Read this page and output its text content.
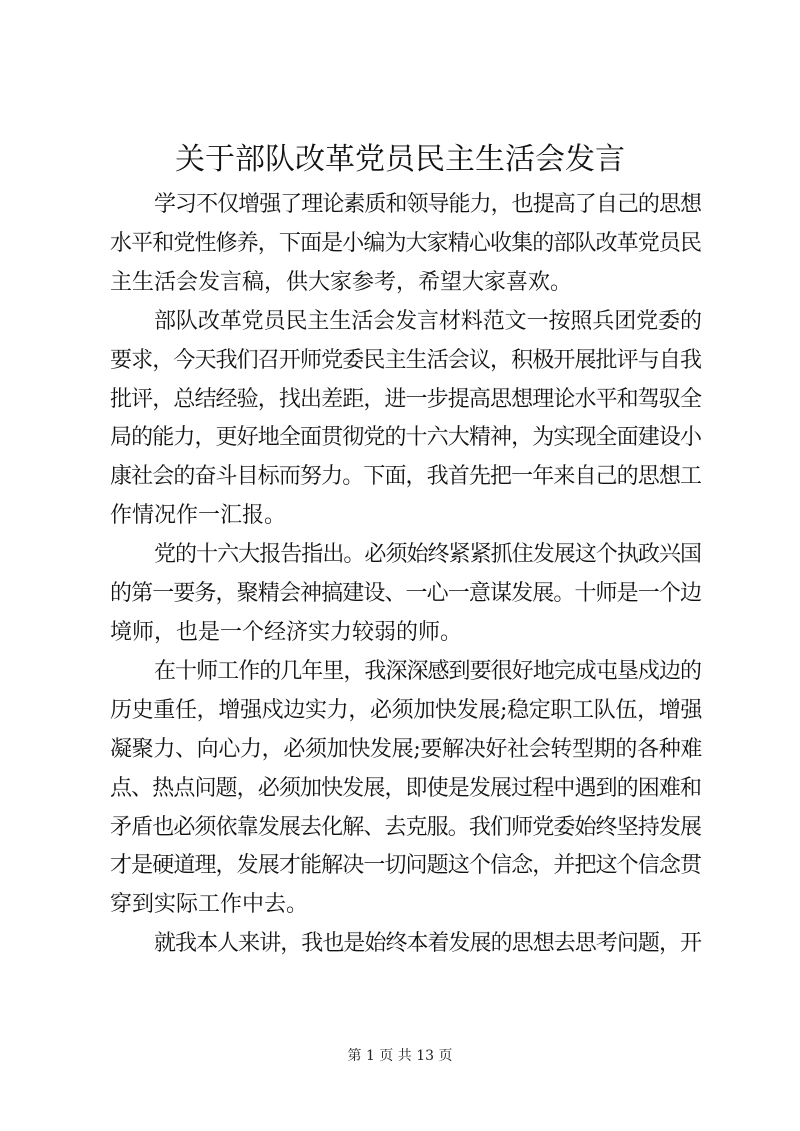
关于部队改革党员民主生活会发言
学习不仅增强了理论素质和领导能力，也提高了自己的思想
水平和党性修养，下面是小编为大家精心收集的部队改革党员民
主生活会发言稿，供大家参考，希望大家喜欢。
部队改革党员民主生活会发言材料范文一按照兵团党委的
要求，今天我们召开师党委民主生活会议，积极开展批评与自我
批评，总结经验，找出差距，进一步提高思想理论水平和驾驭全
局的能力，更好地全面贯彻党的十六大精神，为实现全面建设小
康社会的奋斗目标而努力。下面，我首先把一年来自己的思想工
作情况作一汇报。
党的十六大报告指出。必须始终紧紧抓住发展这个执政兴国
的第一要务，聚精会神搞建设、一心一意谋发展。十师是一个边
境师，也是一个经济实力较弱的师。
在十师工作的几年里，我深深感到要很好地完成屯垦戍边的
历史重任，增强戍边实力，必须加快发展;稳定职工队伍，增强
凝聚力、向心力，必须加快发展;要解决好社会转型期的各种难
点、热点问题，必须加快发展，即使是发展过程中遇到的困难和
矛盾也必须依靠发展去化解、去克服。我们师党委始终坚持发展
才是硬道理，发展才能解决一切问题这个信念，并把这个信念贯
穿到实际工作中去。
就我本人来讲，我也是始终本着发展的思想去思考问题，开

第 1 页 共 13 页
